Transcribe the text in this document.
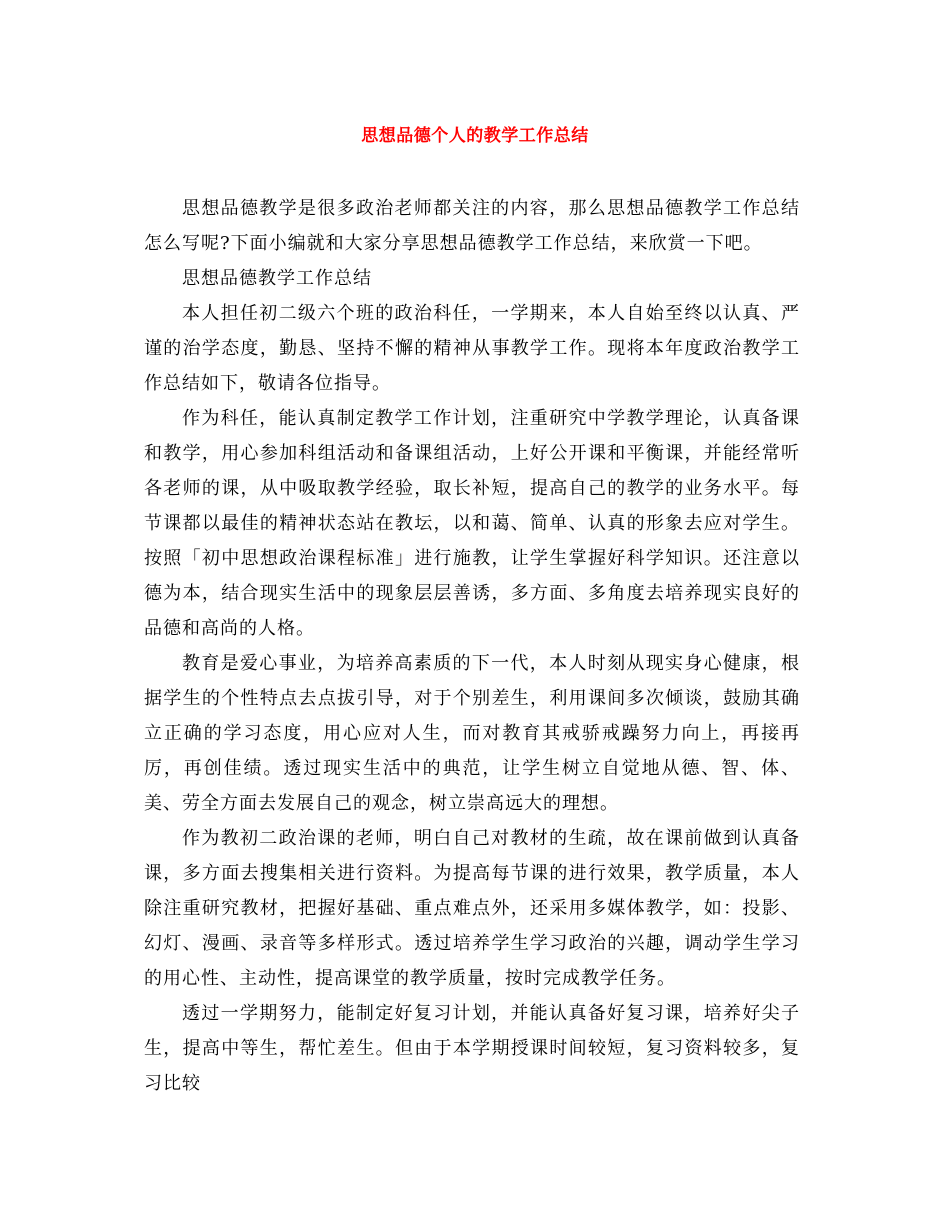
思想品德个人的教学工作总结

思想品德教学是很多政治老师都关注的内容，那么思想品德教学工作总结怎么写呢?下面小编就和大家分享思想品德教学工作总结，来欣赏一下吧。

思想品德教学工作总结

本人担任初二级六个班的政治科任，一学期来，本人自始至终以认真、严谨的治学态度，勤恳、坚持不懈的精神从事教学工作。现将本年度政治教学工作总结如下，敬请各位指导。

作为科任，能认真制定教学工作计划，注重研究中学教学理论，认真备课和教学，用心参加科组活动和备课组活动，上好公开课和平衡课，并能经常听各老师的课，从中吸取教学经验，取长补短，提高自己的教学的业务水平。每节课都以最佳的精神状态站在教坛，以和蔼、简单、认真的形象去应对学生。按照「初中思想政治课程标准」进行施教，让学生掌握好科学知识。还注意以德为本，结合现实生活中的现象层层善诱，多方面、多角度去培养现实良好的品德和高尚的人格。

教育是爱心事业，为培养高素质的下一代，本人时刻从现实身心健康，根据学生的个性特点去点拔引导，对于个别差生，利用课间多次倾谈，鼓励其确立正确的学习态度，用心应对人生，而对教育其戒骄戒躁努力向上，再接再厉，再创佳绩。透过现实生活中的典范，让学生树立自觉地从德、智、体、美、劳全方面去发展自己的观念，树立崇高远大的理想。

作为教初二政治课的老师，明白自己对教材的生疏，故在课前做到认真备课，多方面去搜集相关进行资料。为提高每节课的进行效果，教学质量，本人除注重研究教材，把握好基础、重点难点外，还采用多媒体教学，如：投影、幻灯、漫画、录音等多样形式。透过培养学生学习政治的兴趣，调动学生学习的用心性、主动性，提高课堂的教学质量，按时完成教学任务。

透过一学期努力，能制定好复习计划，并能认真备好复习课，培养好尖子生，提高中等生，帮忙差生。但由于本学期授课时间较短，复习资料较多，复习比较
